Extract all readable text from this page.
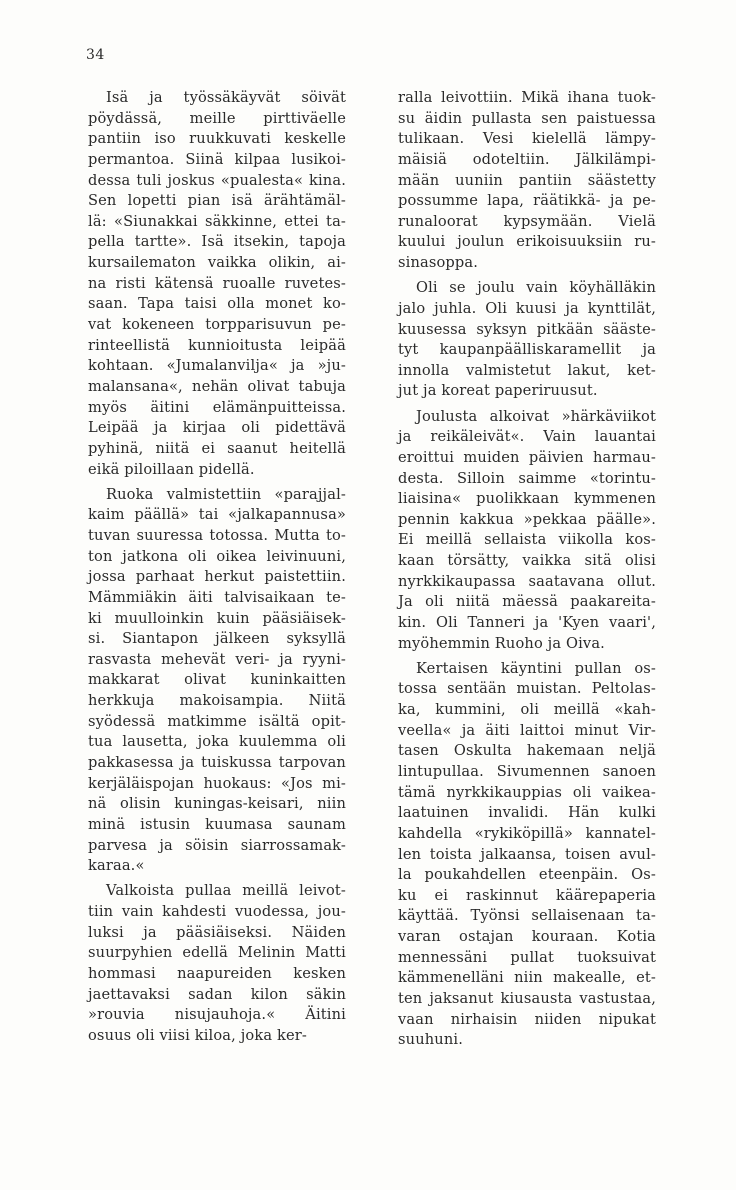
34
Isä ja työssäkäyvät söivät
pöydässä, meille pirttiväelle
pantiin iso ruukkuvati keskelle
permantoa. Siinä kilpaa lusikoi-
dessa tuli joskus «pualesta« kina.
Sen lopetti pian isä ärähtämäl-
lä: «Siunakkai säkkinne, ettei ta-
pella tartte». Isä itsekin, tapoja
kursailematon vaikka olikin, ai-
na risti kätensä ruoalle ruvetes-
saan. Tapa taisi olla monet ko-
vat kokeneen torpparisuvun pe-
rinteellistä kunnioitusta leipää
kohtaan. «Jumalanvilja« ja »ju-
malansana«, nehän olivat tabuja
myös äitini elämänpuitteissa.
Leipää ja kirjaa oli pidettävä
pyhinä, niitä ei saanut heitellä
eikä piloillaan pidellä.
Ruoka valmistettiin «parajjal-
kaim päällä» tai «jalkapannusa»
tuvan suuressa totossa. Mutta to-
ton jatkona oli oikea leivinuuni,
jossa parhaat herkut paistettiin.
Mämmiäkin äiti talvisaikaan te-
ki muulloinkin kuin pääsiäisek-
si. Siantapon jälkeen syksyllä
rasvasta mehevät veri- ja ryyni-
makkarat olivat kuninkaitten
herkkuja makoisampia. Niitä
syödessä matkimme isältä opit-
tua lausetta, joka kuulemma oli
pakkasessa ja tuiskussa tarpovan
kerjäläispojan huokaus: «Jos mi-
nä olisin kuningas-keisari, niin
minä istusin kuumasa saunam
parvesa ja söisin siarrossamak-
karaa.«
Valkoista pullaa meillä leivot-
tiin vain kahdesti vuodessa, jou-
luksi ja pääsiäiseksi. Näiden
suurpyhien edellä Melinin Matti
hommasi naapureiden kesken
jaettavaksi sadan kilon säkin
»rouvia nisujauhoja.« Äitini
osuus oli viisi kiloa, joka ker-
ralla leivottiin. Mikä ihana tuok-
su äidin pullasta sen paistuessa
tulikaan. Vesi kielellä lämpy-
mäisiä odoteltiin. Jälkilämpi-
mään uuniin pantiin säästetty
possumme lapa, räätikkä- ja pe-
runaloorat kypsymään. Vielä
kuului joulun erikoisuuksiin ru-
sinasoppa.
Oli se joulu vain köyhälläkin
jalo juhla. Oli kuusi ja kynttilät,
kuusessa syksyn pitkään sääste-
tyt kaupanpäälliskaramellit ja
innolla valmistetut lakut, ket-
jut ja koreat paperiruusut.
Joulusta alkoivat »härkäviikot
ja reikäleivät«. Vain lauantai
eroittui muiden päivien harmau-
desta. Silloin saimme «torintu-
liaisina« puolikkaan kymmenen
pennin kakkua »pekkaa päälle».
Ei meillä sellaista viikolla kos-
kaan törsätty, vaikka sitä olisi
nyrkkikaupassa saatavana ollut.
Ja oli niitä mäessä paakareita-
kin. Oli Tanneri ja 'Kyen vaari',
myöhemmin Ruoho ja Oiva.
Kertaisen käyntini pullan os-
tossa sentään muistan. Peltolas-
ka, kummini, oli meillä «kah-
veella« ja äiti laittoi minut Vir-
tasen Oskulta hakemaan neljä
lintupullaa. Sivumennen sanoen
tämä nyrkkikauppias oli vaikea-
laatuinen invalidi. Hän kulki
kahdella «rykiköpillä» kannatel-
len toista jalkaansa, toisen avul-
la poukahdellen eteenpäin. Os-
ku ei raskinnut käärepaperia
käyttää. Työnsi sellaisenaan ta-
varan ostajan kouraan. Kotia
mennessäni pullat tuoksuivat
kämmenelläni niin makealle, et-
ten jaksanut kiusausta vastustaa,
vaan nirhaisin niiden nipukat
suuhuni.
